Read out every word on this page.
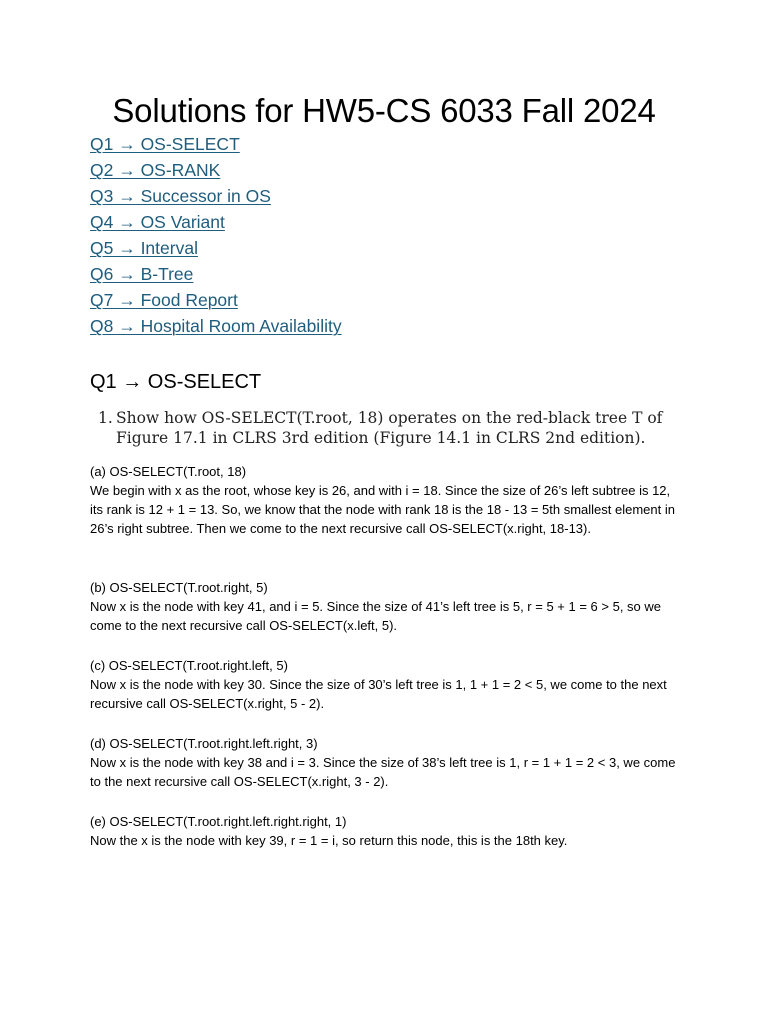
Solutions for HW5-CS 6033 Fall 2024
Q1 → OS-SELECT
Q2 → OS-RANK
Q3 → Successor in OS
Q4 → OS Variant
Q5 → Interval
Q6 → B-Tree
Q7 → Food Report
Q8 → Hospital Room Availability
Q1 → OS-SELECT
1. Show how OS-SELECT(T.root, 18) operates on the red-black tree T of Figure 17.1 in CLRS 3rd edition (Figure 14.1 in CLRS 2nd edition).
(a) OS-SELECT(T.root, 18)
We begin with x as the root, whose key is 26, and with i = 18. Since the size of 26’s left subtree is 12, its rank is 12 + 1 = 13. So, we know that the node with rank 18 is the 18 - 13 = 5th smallest element in 26’s right subtree. Then we come to the next recursive call OS-SELECT(x.right, 18-13).
(b) OS-SELECT(T.root.right, 5)
Now x is the node with key 41, and i = 5. Since the size of 41’s left tree is 5, r = 5 + 1 = 6 > 5, so we come to the next recursive call OS-SELECT(x.left, 5).
(c) OS-SELECT(T.root.right.left, 5)
Now x is the node with key 30. Since the size of 30’s left tree is 1, 1 + 1 = 2 < 5, we come to the next recursive call OS-SELECT(x.right, 5 - 2).
(d) OS-SELECT(T.root.right.left.right, 3)
Now x is the node with key 38 and i = 3. Since the size of 38’s left tree is 1, r = 1 + 1 = 2 < 3, we come to the next recursive call OS-SELECT(x.right, 3 - 2).
(e) OS-SELECT(T.root.right.left.right.right, 1)
Now the x is the node with key 39, r = 1 = i, so return this node, this is the 18th key.
